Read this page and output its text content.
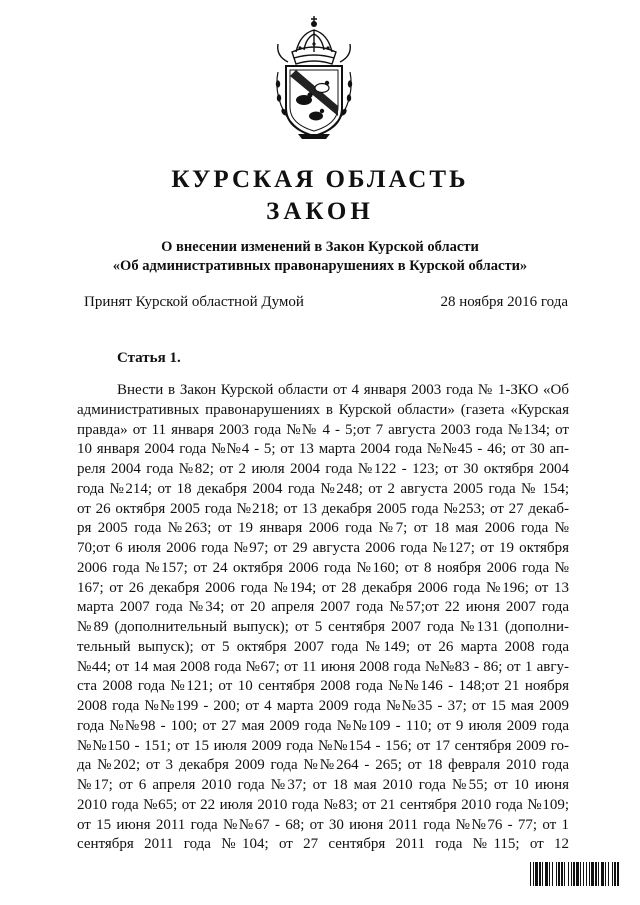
КУРСКАЯ ОБЛАСТЬ
ЗАКОН
О внесении изменений в Закон Курской области
«Об административных правонарушениях в Курской области»
Принят Курской областной Думой	28 ноября 2016 года
Статья 1.

Внести в Закон Курской области от 4 января 2003 года № 1-ЗКО «Об
административных правонарушениях в Курской области» (газета «Курская
правда» от 11 января 2003 года №№ 4 - 5;от 7 августа 2003 года №134; от
10 января 2004 года №№4 - 5; от 13 марта 2004 года №№45 - 46; от 30 ап-
реля 2004 года №82; от 2 июля 2004 года №122 - 123; от 30 октября 2004
года №214; от 18 декабря 2004 года №248; от 2 августа 2005 года № 154;
от 26 октября 2005 года №218; от 13 декабря 2005 года №253; от 27 декаб-
ря 2005 года №263; от 19 января 2006 года №7; от 18 мая 2006 года №
70;от 6 июля 2006 года №97; от 29 августа 2006 года №127; от 19 октября
2006 года №157; от 24 октября 2006 года №160; от 8 ноября 2006 года №
167; от 26 декабря 2006 года №194; от 28 декабря 2006 года №196; от 13
марта 2007 года №34; от 20 апреля 2007 года №57;от 22 июня 2007 года
№89 (дополнительный выпуск); от 5 сентября 2007 года №131 (дополни-
тельный выпуск); от 5 октября 2007 года №149; от 26 марта 2008 года
№44; от 14 мая 2008 года №67; от 11 июня 2008 года №№83 - 86; от 1 авгу-
ста 2008 года №121; от 10 сентября 2008 года №№146 - 148;от 21 ноября
2008 года №№199 - 200; от 4 марта 2009 года №№35 - 37; от 15 мая 2009
года №№98 - 100; от 27 мая 2009 года №№109 - 110; от 9 июля 2009 года
№№150 - 151; от 15 июля 2009 года №№154 - 156; от 17 сентября 2009 го-
да №202; от 3 декабря 2009 года №№264 - 265; от 18 февраля 2010 года
№17; от 6 апреля 2010 года №37; от 18 мая 2010 года №55; от 10 июня
2010 года №65; от 22 июля 2010 года №83; от 21 сентября 2010 года №109;
от 15 июня 2011 года №№67 - 68; от 30 июня 2011 года №№76 - 77; от 1
сентября 2011 года №104; от 27 сентября 2011 года №115; от 12
